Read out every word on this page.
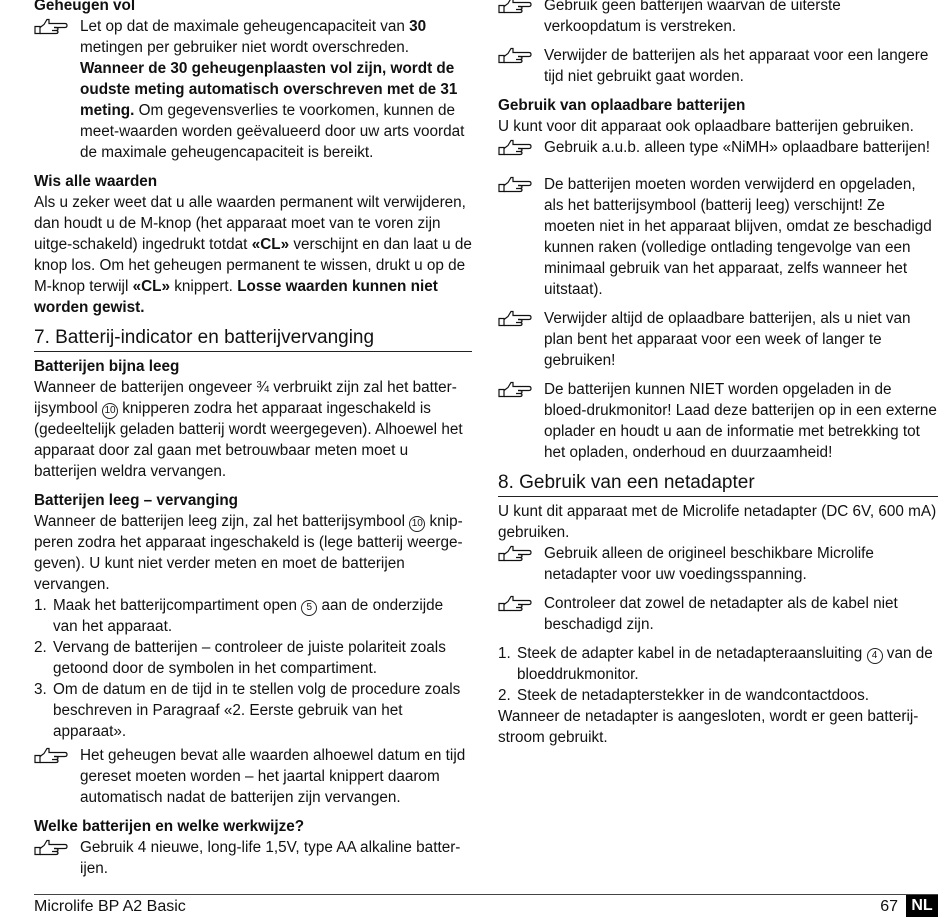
Geheugen vol

Let op dat de maximale geheugencapaciteit van 30 metingen per gebruiker niet wordt overschreden. Wanneer de 30 geheugenplaasten vol zijn, wordt de oudste meting automatisch overschreven met de 31 meting. Om gegevensverlies te voorkomen, kunnen de meet-waarden worden geëvalueerd door uw arts voordat de maximale geheugencapaciteit is bereikt.

Wis alle waarden

Als u zeker weet dat u alle waarden permanent wilt verwijderen, dan houdt u de M-knop (het apparaat moet van te voren zijn uitge-schakeld) ingedrukt totdat «CL» verschijnt en dan laat u de knop los. Om het geheugen permanent te wissen, drukt u op de M-knop terwijl «CL» knippert. Losse waarden kunnen niet worden gewist.

7. Batterij-indicator en batterijvervanging

Batterijen bijna leeg

Wanneer de batterijen ongeveer ¾ verbruikt zijn zal het batter-ijsymbool 10 knipperen zodra het apparaat ingeschakeld is (gedeeltelijk geladen batterij wordt weergegeven). Alhoewel het apparaat door zal gaan met betrouwbaar meten moet u batterijen weldra vervangen.

Batterijen leeg – vervanging

Wanneer de batterijen leeg zijn, zal het batterijsymbool 10 knip-peren zodra het apparaat ingeschakeld is (lege batterij weerge-geven). U kunt niet verder meten en moet de batterijen vervangen.

1. Maak het batterijcompartiment open 5 aan de onderzijde van het apparaat.
2. Vervang de batterijen – controleer de juiste polariteit zoals getoond door de symbolen in het compartiment.
3. Om de datum en de tijd in te stellen volg de procedure zoals beschreven in Paragraaf «2. Eerste gebruik van het apparaat».
Het geheugen bevat alle waarden alhoewel datum en tijd gereset moeten worden – het jaartal knippert daarom automatisch nadat de batterijen zijn vervangen.

Welke batterijen en welke werkwijze?

Gebruik 4 nieuwe, long-life 1,5V, type AA alkaline batter-ijen.
Gebruik geen batterijen waarvan de uiterste verkoopdatum is verstreken.
Verwijder de batterijen als het apparaat voor een langere tijd niet gebruikt gaat worden.

Gebruik van oplaadbare batterijen

U kunt voor dit apparaat ook oplaadbare batterijen gebruiken.

Gebruik a.u.b. alleen type «NiMH» oplaadbare batterijen!
De batterijen moeten worden verwijderd en opgeladen, als het batterijsymbool (batterij leeg) verschijnt! Ze moeten niet in het apparaat blijven, omdat ze beschadigd kunnen raken (volledige ontlading tengevolge van een minimaal gebruik van het apparaat, zelfs wanneer het uitstaat).
Verwijder altijd de oplaadbare batterijen, als u niet van plan bent het apparaat voor een week of langer te gebruiken!
De batterijen kunnen NIET worden opgeladen in de bloed-drukmonitor! Laad deze batterijen op in een externe oplader en houdt u aan de informatie met betrekking tot het opladen, onderhoud en duurzaamheid!
8. Gebruik van een netadapter

U kunt dit apparaat met de Microlife netadapter (DC 6V, 600 mA) gebruiken.

Gebruik alleen de origineel beschikbare Microlife netadapter voor uw voedingsspanning.
Controleer dat zowel de netadapter als de kabel niet beschadigd zijn.
1. Steek de adapter kabel in de netadapteraansluiting 4 van de bloeddrukmonitor.
2. Steek de netadapterstekker in de wandcontactdoos.

Wanneer de netadapter is aangesloten, wordt er geen batterij-stroom gebruikt.

Microlife BP A2 Basic	67 NL
